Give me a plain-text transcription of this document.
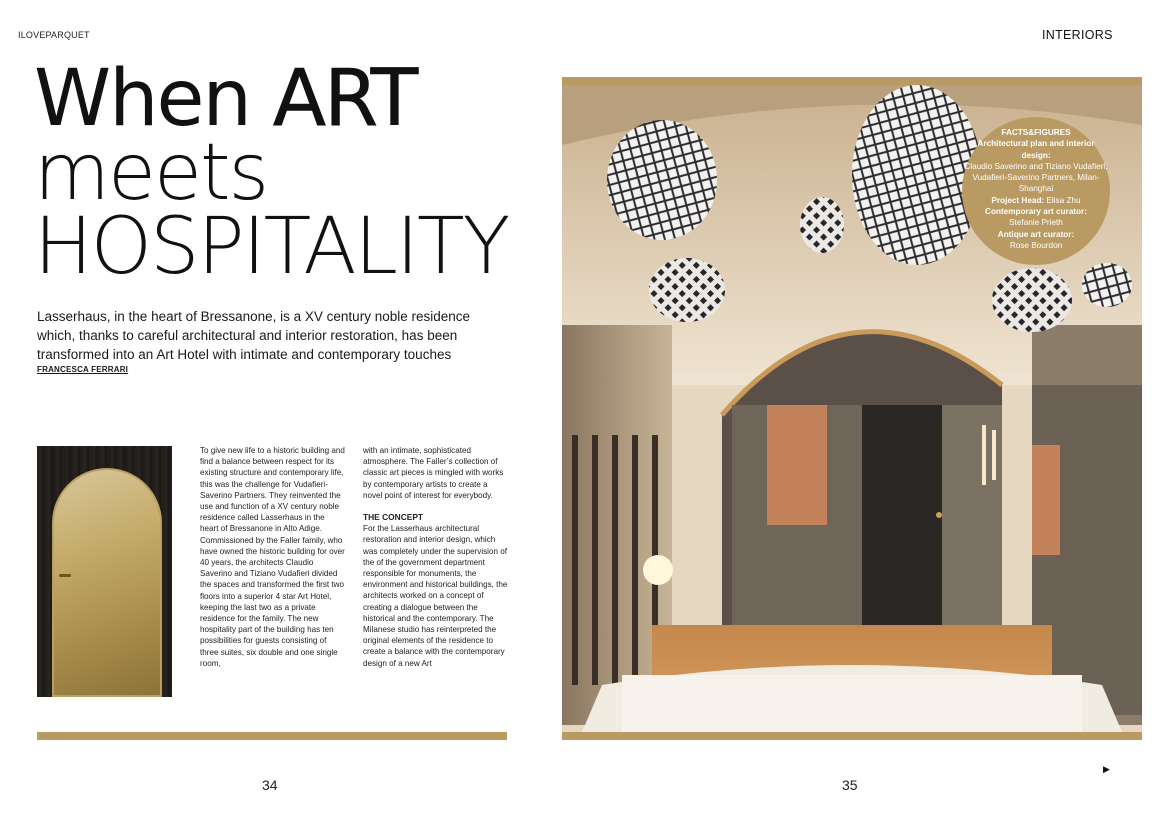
ILOVEPARQUET	INTERIORS
When ART
meets
HOSPITALITY

Lasserhaus, in the heart of Bressanone, is a XV century noble residence which, thanks to careful architectural and interior restoration, has been transformed into an Art Hotel with intimate and contemporary touches

FRANCESCA FERRARI

To give new life to a historic building and find a balance between respect for its existing structure and contemporary life, this was the challenge for Vudafieri-Saverino Partners. They reinvented the use and function of a XV century noble residence called Lasserhaus in the heart of Bressanone in Alto Adige. Commissioned by the Faller family, who have owned the historic building for over 40 years, the architects Claudio Saverino and Tiziano Vudafieri divided the spaces and transformed the first two floors into a superior 4 star Art Hotel, keeping the last two as a private residence for the family. The new hospitality part of the building has ten possibilities for guests consisting of three suites, six double and one single room,

with an intimate, sophisticated atmosphere. The Faller’s collection of classic art pieces is mingled with works by contemporary artists to create a novel point of interest for everybody.

THE CONCEPT

For the Lasserhaus architectural restoration and interior design, which was completely under the supervision of the of the government department responsible for monuments, the environment and historical buildings, the architects worked on a concept of creating a dialogue between the historical and the contemporary. The Milanese studio has reinterpreted the original elements of the residence to create a balance with the contemporary design of a new Art

FACTS&FIGURES
Architectural plan and interior design:
Claudio Saverino and Tiziano Vudafieri, Vudafieri-Saverino Partners, Milan-Shanghai
Project Head: Elisa Zhu
Contemporary art curator:
Stefanie Prieth
Antique art curator:
Rose Bourdon
34	35
▶
